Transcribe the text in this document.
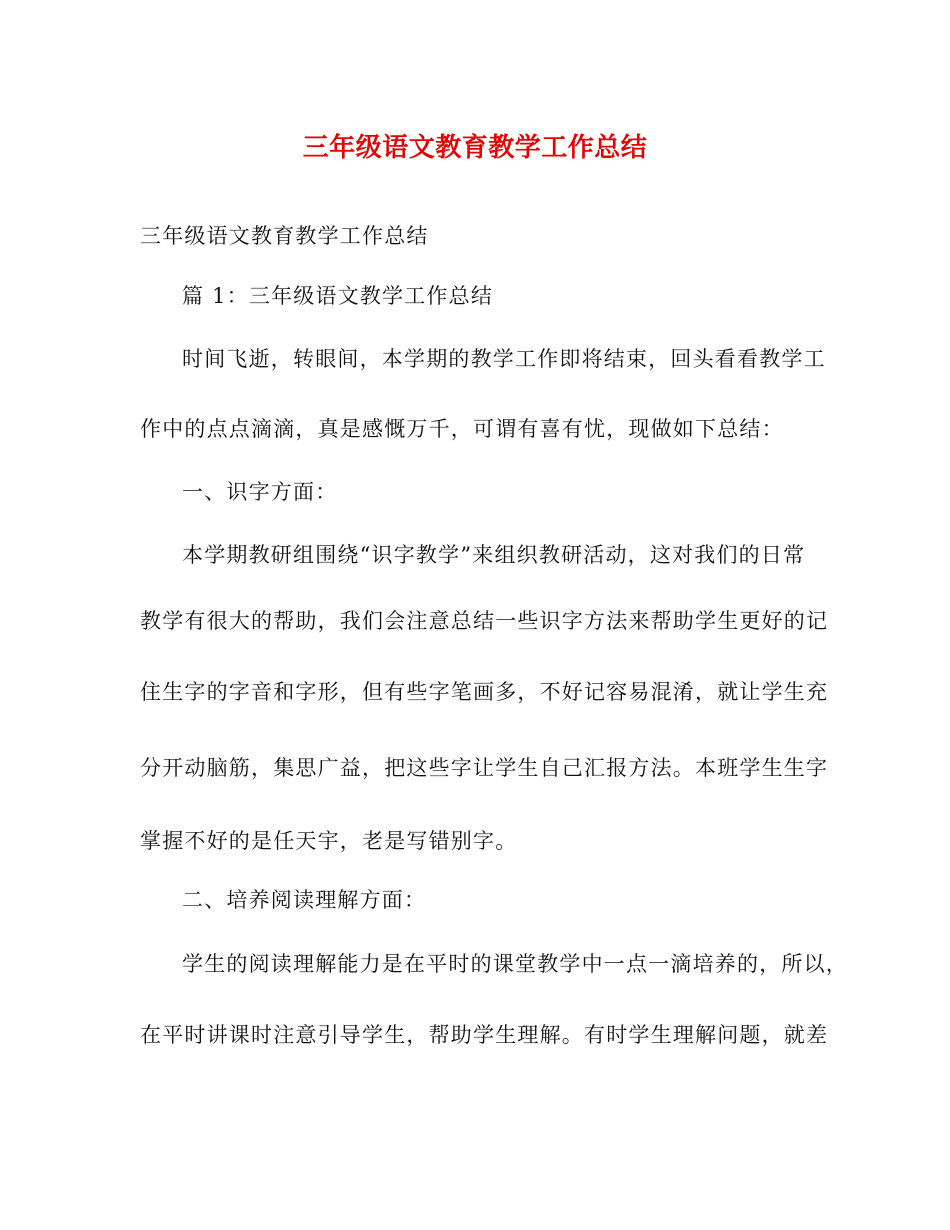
三年级语文教育教学工作总结
三年级语文教育教学工作总结
篇 1：三年级语文教学工作总结
时间飞逝，转眼间，本学期的教学工作即将结束，回头看看教学工
作中的点点滴滴，真是感慨万千，可谓有喜有忧，现做如下总结：
一、识字方面：
本学期教研组围绕“识字教学”来组织教研活动，这对我们的日常
教学有很大的帮助，我们会注意总结一些识字方法来帮助学生更好的记
住生字的字音和字形，但有些字笔画多，不好记容易混淆，就让学生充
分开动脑筋，集思广益，把这些字让学生自己汇报方法。本班学生生字
掌握不好的是任天宇，老是写错别字。
二、培养阅读理解方面：
学生的阅读理解能力是在平时的课堂教学中一点一滴培养的，所以，
在平时讲课时注意引导学生，帮助学生理解。有时学生理解问题，就差
